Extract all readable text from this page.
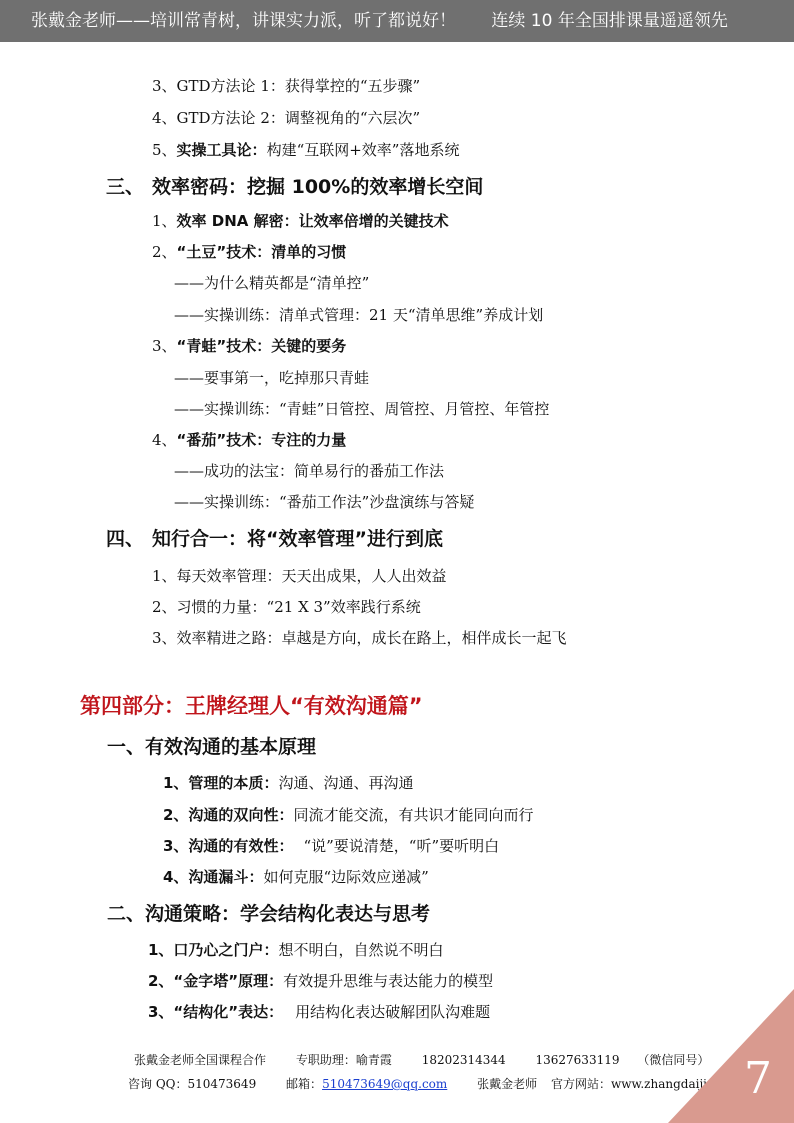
张戴金老师——培训常青树，讲课实力派，听了都说好！ 连续 10 年全国排课量遥遥领先
3、GTD方法论 1：获得掌控的“五步骤”
4、GTD方法论 2：调整视角的“六层次”
5、实操工具论：构建“互联网+效率”落地系统
三、 效率密码：挖掘 100%的效率增长空间
1、效率 DNA 解密：让效率倍增的关键技术
2、“土豆”技术：清单的习惯
——为什么精英都是“清单控”
——实操训练：清单式管理：21 天“清单思维”养成计划
3、“青蛙”技术：关键的要务
——要事第一，吃掉那只青蛙
——实操训练：“青蛙”日管控、周管控、月管控、年管控
4、“番茄”技术：专注的力量
——成功的法宝：简单易行的番茄工作法
——实操训练：“番茄工作法”沙盘演练与答疑
四、 知行合一：将“效率管理”进行到底
1、每天效率管理：天天出成果，人人出效益
2、习惯的力量：“21 X 3”效率践行系统
3、效率精进之路：卓越是方向，成长在路上，相伴成长一起飞
第四部分：王牌经理人“有效沟通篇”
一、有效沟通的基本原理
1、管理的本质：沟通、沟通、再沟通
2、沟通的双向性：同流才能交流，有共识才能同向而行
3、沟通的有效性： “说”要说清楚，“听”要听明白
4、沟通漏斗：如何克服“边际效应递减”
二、沟通策略：学会结构化表达与思考
1、口乃心之门户：想不明白，自然说不明白
2、“金字塔”原理：有效提升思维与表达能力的模型
3、“结构化”表达： 用结构化表达破解团队沟难题
张戴金老师全国课程合作 专职助理：喻青霞 18202314344 13627633119 （微信同号）
咨询 QQ：510473649 邮箱：510473649@qq.com 张戴金老师 官方网站：www.zhangdaijin.com 7
